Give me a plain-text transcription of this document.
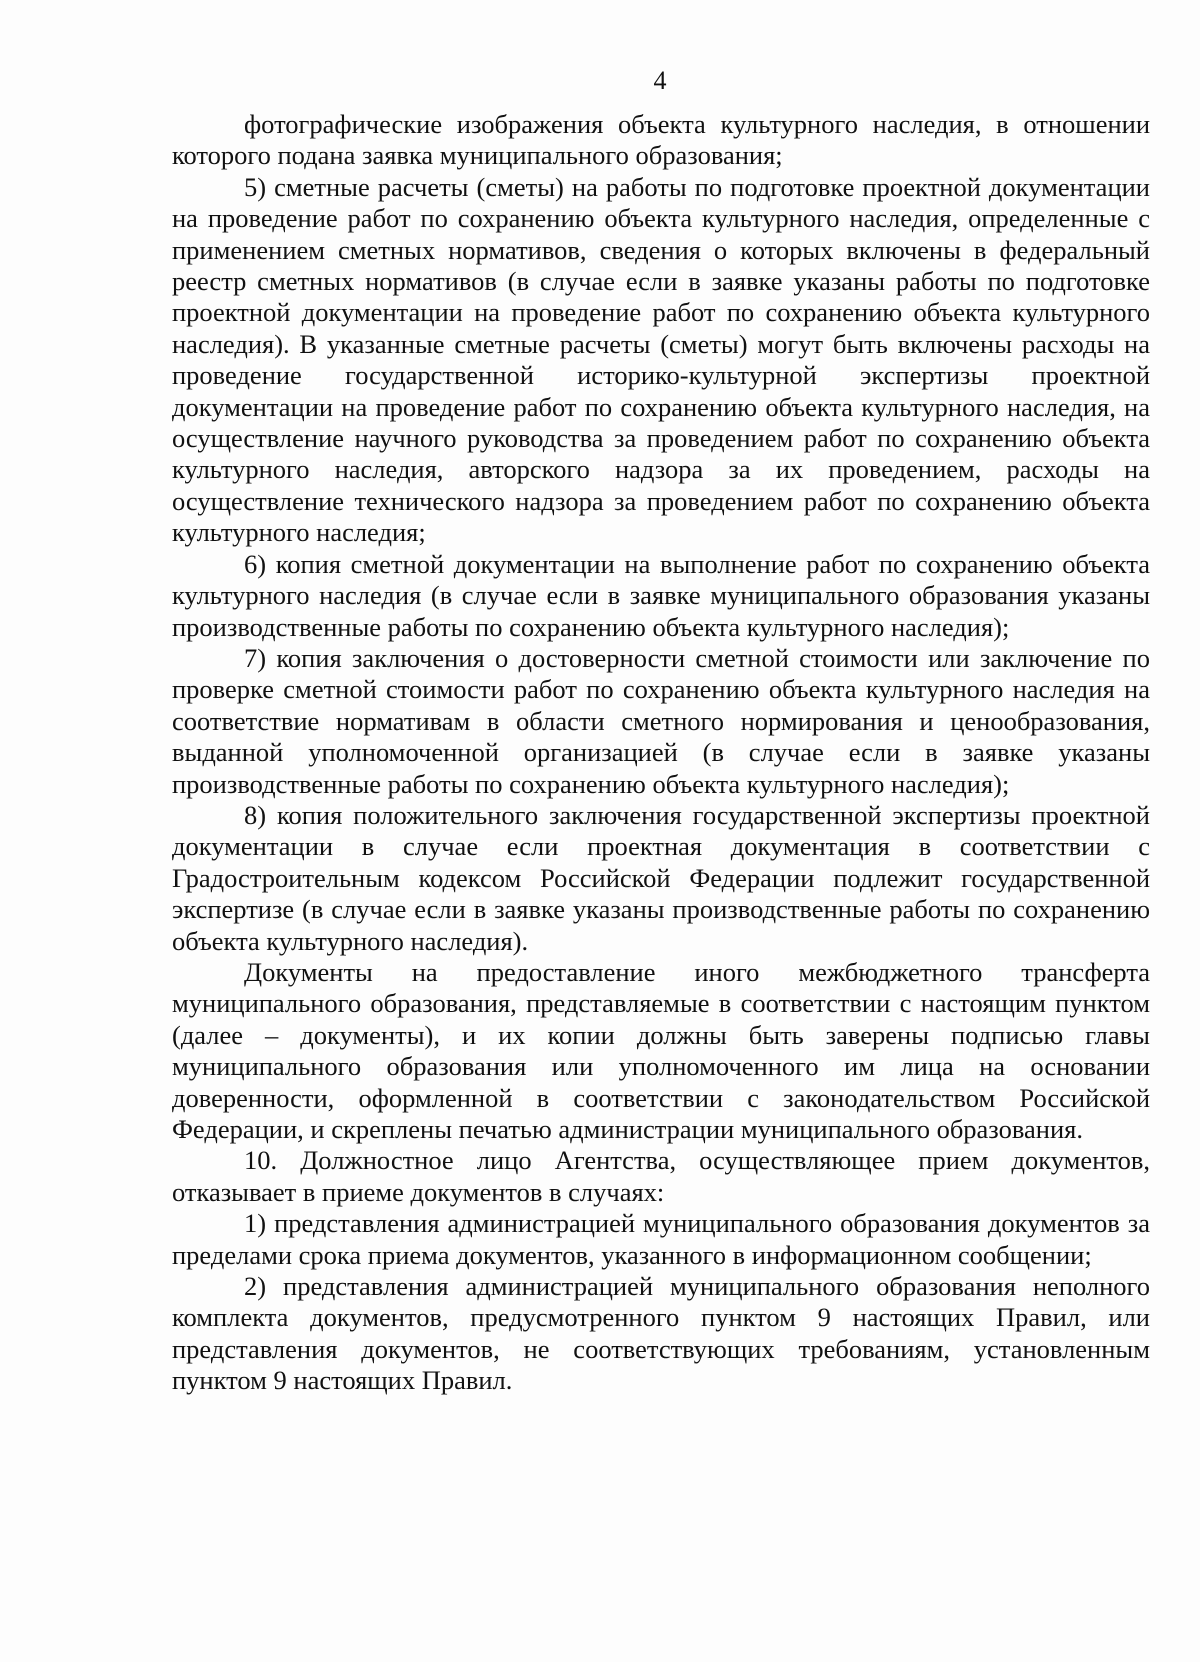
4

фотографические изображения объекта культурного наследия, в отношении которого подана заявка муниципального образования;

5) сметные расчеты (сметы) на работы по подготовке проектной документации на проведение работ по сохранению объекта культурного наследия, определенные с применением сметных нормативов, сведения о которых включены в федеральный реестр сметных нормативов (в случае если в заявке указаны работы по подготовке проектной документации на проведение работ по сохранению объекта культурного наследия). В указанные сметные расчеты (сметы) могут быть включены расходы на проведение государственной историко-культурной экспертизы проектной документации на проведение работ по сохранению объекта культурного наследия, на осуществление научного руководства за проведением работ по сохранению объекта культурного наследия, авторского надзора за их проведением, расходы на осуществление технического надзора за проведением работ по сохранению объекта культурного наследия;

6) копия сметной документации на выполнение работ по сохранению объекта культурного наследия (в случае если в заявке муниципального образования указаны производственные работы по сохранению объекта культурного наследия);

7) копия заключения о достоверности сметной стоимости или заключение по проверке сметной стоимости работ по сохранению объекта культурного наследия на соответствие нормативам в области сметного нормирования и ценообразования, выданной уполномоченной организацией (в случае если в заявке указаны производственные работы по сохранению объекта культурного наследия);

8) копия положительного заключения государственной экспертизы проектной документации в случае если проектная документация в соответствии с Градостроительным кодексом Российской Федерации подлежит государственной экспертизе (в случае если в заявке указаны производственные работы по сохранению объекта культурного наследия).

Документы на предоставление иного межбюджетного трансферта муниципального образования, представляемые в соответствии с настоящим пунктом (далее – документы), и их копии должны быть заверены подписью главы муниципального образования или уполномоченного им лица на основании доверенности, оформленной в соответствии с законодательством Российской Федерации, и скреплены печатью администрации муниципального образования.

10. Должностное лицо Агентства, осуществляющее прием документов, отказывает в приеме документов в случаях:

1) представления администрацией муниципального образования документов за пределами срока приема документов, указанного в информационном сообщении;

2) представления администрацией муниципального образования неполного комплекта документов, предусмотренного пунктом 9 настоящих Правил, или представления документов, не соответствующих требованиям, установленным пунктом 9 настоящих Правил.
